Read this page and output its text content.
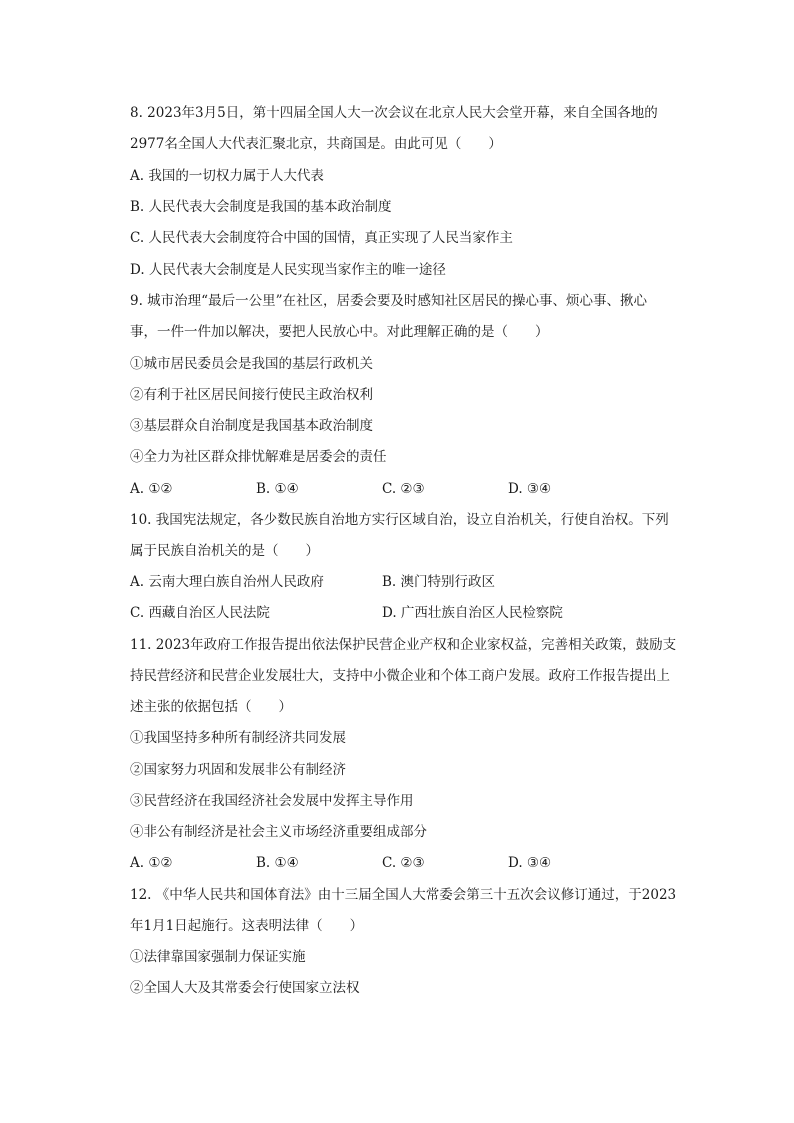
8. 2023年3月5日，第十四届全国人大一次会议在北京人民大会堂开幕，来自全国各地的
2977名全国人大代表汇聚北京，共商国是。由此可见（　　）
A. 我国的一切权力属于人大代表
B. 人民代表大会制度是我国的基本政治制度
C. 人民代表大会制度符合中国的国情，真正实现了人民当家作主
D. 人民代表大会制度是人民实现当家作主的唯一途径
9. 城市治理“最后一公里”在社区，居委会要及时感知社区居民的操心事、烦心事、揪心
事，一件一件加以解决，要把人民放心中。对此理解正确的是（　　）
①城市居民委员会是我国的基层行政机关
②有利于社区居民间接行使民主政治权利
③基层群众自治制度是我国基本政治制度
④全力为社区群众排忧解难是居委会的责任
A. ①②	B. ①④	C. ②③	D. ③④
10. 我国宪法规定，各少数民族自治地方实行区域自治，设立自治机关，行使自治权。下列
属于民族自治机关的是（　　）
A. 云南大理白族自治州人民政府	B. 澳门特别行政区
C. 西藏自治区人民法院	D. 广西壮族自治区人民检察院
11. 2023年政府工作报告提出依法保护民营企业产权和企业家权益，完善相关政策，鼓励支
持民营经济和民营企业发展壮大，支持中小微企业和个体工商户发展。政府工作报告提出上
述主张的依据包括（　　）
①我国坚持多种所有制经济共同发展
②国家努力巩固和发展非公有制经济
③民营经济在我国经济社会发展中发挥主导作用
④非公有制经济是社会主义市场经济重要组成部分
A. ①②	B. ①④	C. ②③	D. ③④
12. 《中华人民共和国体育法》由十三届全国人大常委会第三十五次会议修订通过，于2023
年1月1日起施行。这表明法律（　　）
①法律靠国家强制力保证实施
②全国人大及其常委会行使国家立法权
